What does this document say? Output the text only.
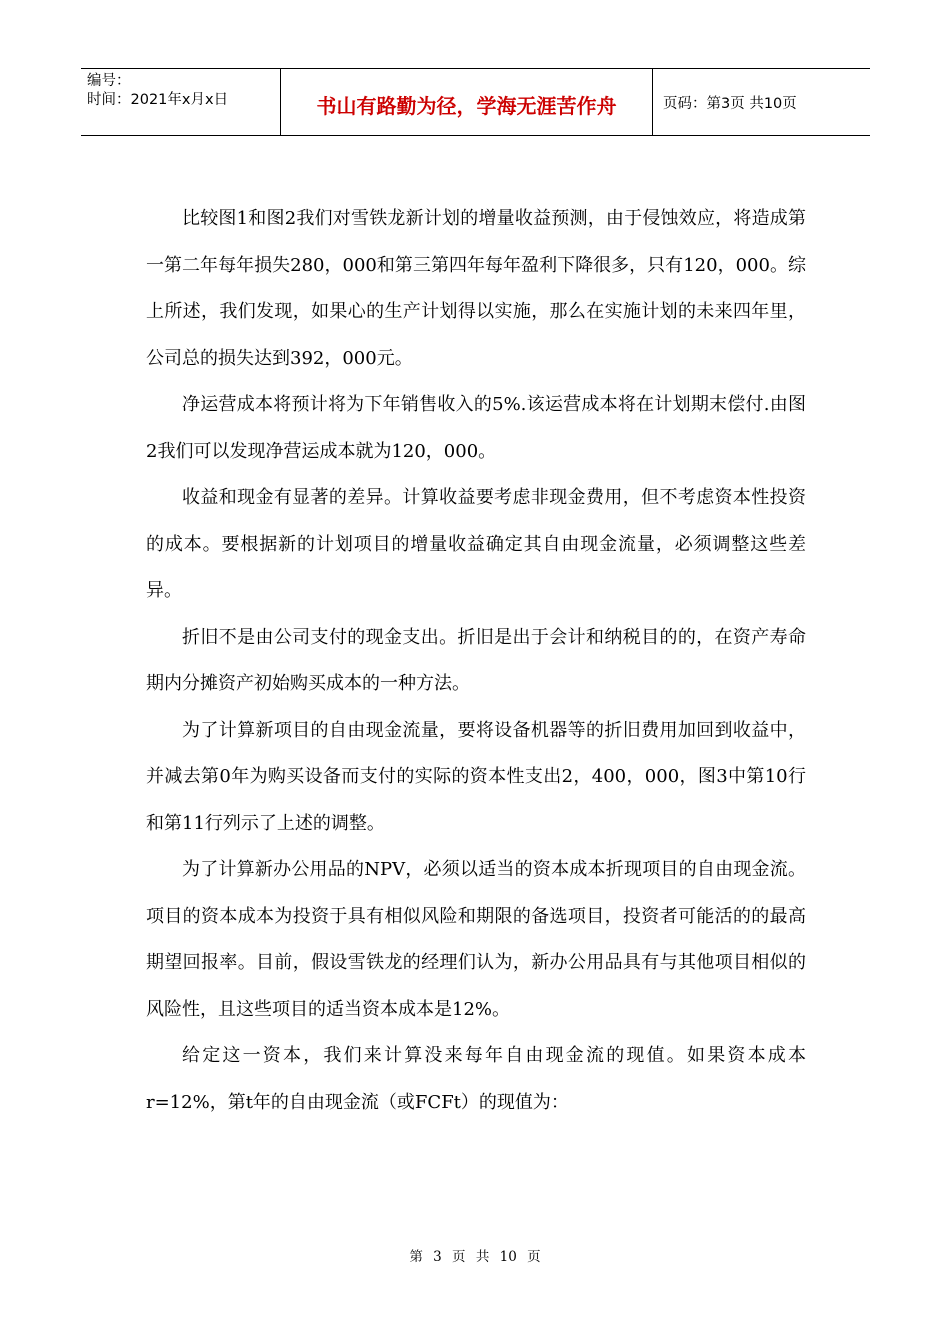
编号：
时间：2021年x月x日	书山有路勤为径，学海无涯苦作舟	页码：第3页 共10页

比较图1和图2我们对雪铁龙新计划的增量收益预测，由于侵蚀效应，将造成第一第二年每年损失280，000和第三第四年每年盈利下降很多，只有120，000。综上所述，我们发现，如果心的生产计划得以实施，那么在实施计划的未来四年里，公司总的损失达到392，000元。

净运营成本将预计将为下年销售收入的5%.该运营成本将在计划期末偿付.由图2我们可以发现净营运成本就为120，000。

收益和现金有显著的差异。计算收益要考虑非现金费用，但不考虑资本性投资的成本。要根据新的计划项目的增量收益确定其自由现金流量，必须调整这些差异。

折旧不是由公司支付的现金支出。折旧是出于会计和纳税目的的，在资产寿命期内分摊资产初始购买成本的一种方法。

为了计算新项目的自由现金流量，要将设备机器等的折旧费用加回到收益中，并减去第0年为购买设备而支付的实际的资本性支出2，400，000，图3中第10行和第11行列示了上述的调整。

为了计算新办公用品的NPV，必须以适当的资本成本折现项目的自由现金流。项目的资本成本为投资于具有相似风险和期限的备选项目，投资者可能活的的最高期望回报率。目前，假设雪铁龙的经理们认为，新办公用品具有与其他项目相似的风险性，且这些项目的适当资本成本是12%。

给定这一资本，我们来计算没来每年自由现金流的现值。如果资本成本r=12%，第t年的自由现金流（或FCFt）的现值为：

第 3 页 共 10 页
